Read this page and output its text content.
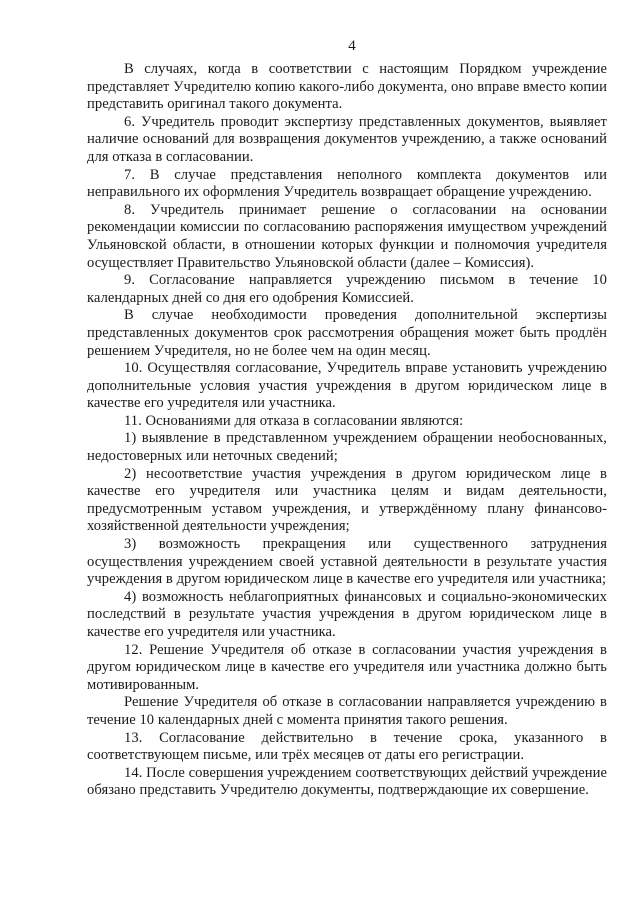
4

В случаях, когда в соответствии с настоящим Порядком учреждение представляет Учредителю копию какого-либо документа, оно вправе вместо копии представить оригинал такого документа.

6. Учредитель проводит экспертизу представленных документов, выявляет наличие оснований для возвращения документов учреждению, а также оснований для отказа в согласовании.

7. В случае представления неполного комплекта документов или неправильного их оформления Учредитель возвращает обращение учреждению.

8. Учредитель принимает решение о согласовании на основании рекомендации комиссии по согласованию распоряжения имуществом учреждений Ульяновской области, в отношении которых функции и полномочия учредителя осуществляет Правительство Ульяновской области (далее – Комиссия).

9. Согласование направляется учреждению письмом в течение 10 календарных дней со дня его одобрения Комиссией.

В случае необходимости проведения дополнительной экспертизы представленных документов срок рассмотрения обращения может быть продлён решением Учредителя, но не более чем на один месяц.

10. Осуществляя согласование, Учредитель вправе установить учреждению дополнительные условия участия учреждения в другом юридическом лице в качестве его учредителя или участника.

11. Основаниями для отказа в согласовании являются:

1) выявление в представленном учреждением обращении необоснованных, недостоверных или неточных сведений;

2) несоответствие участия учреждения в другом юридическом лице в качестве его учредителя или участника целям и видам деятельности, предусмотренным уставом учреждения, и утверждённому плану финансово-хозяйственной деятельности учреждения;

3) возможность прекращения или существенного затруднения осуществления учреждением своей уставной деятельности в результате участия учреждения в другом юридическом лице в качестве его учредителя или участника;

4) возможность неблагоприятных финансовых и социально-экономических последствий в результате участия учреждения в другом юридическом лице в качестве его учредителя или участника.

12. Решение Учредителя об отказе в согласовании участия учреждения в другом юридическом лице в качестве его учредителя или участника должно быть мотивированным.

Решение Учредителя об отказе в согласовании направляется учреждению в течение 10 календарных дней с момента принятия такого решения.

13. Согласование действительно в течение срока, указанного в соответствующем письме, или трёх месяцев от даты его регистрации.

14. После совершения учреждением соответствующих действий учреждение обязано представить Учредителю документы, подтверждающие их совершение.
